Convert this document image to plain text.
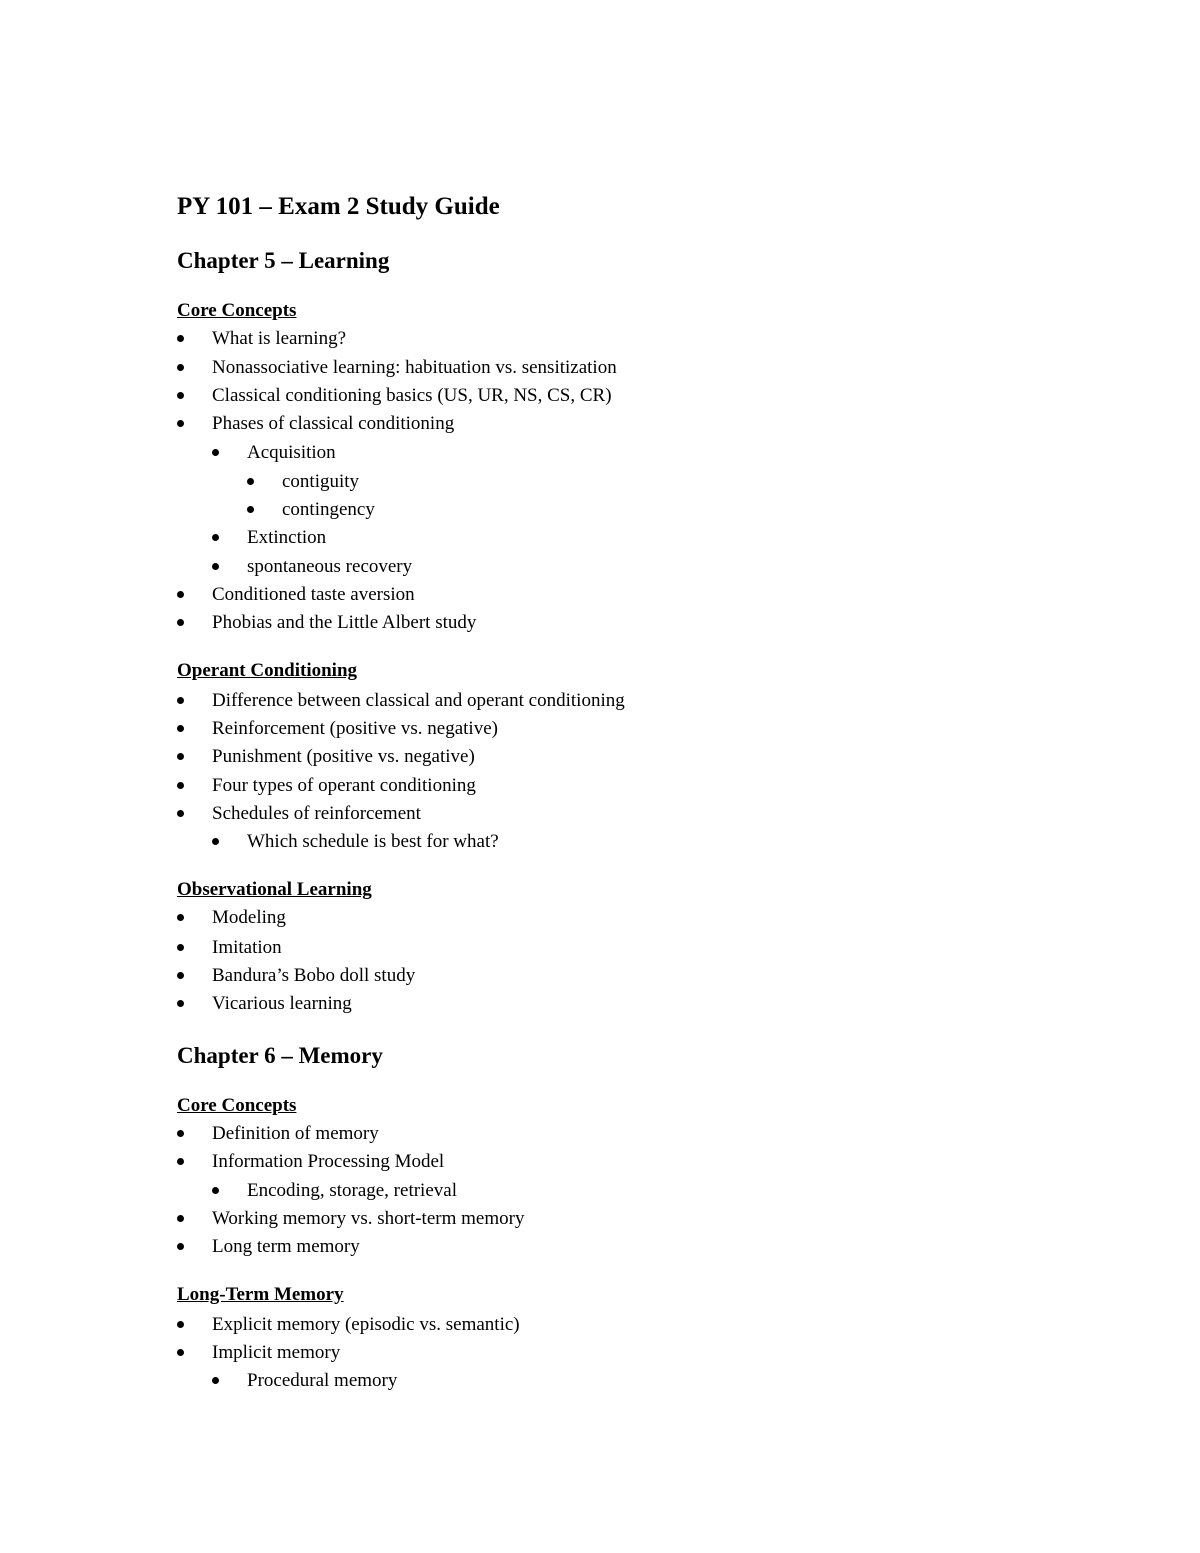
PY 101 – Exam 2 Study Guide
Chapter 5 – Learning
Core Concepts
What is learning?
Nonassociative learning: habituation vs. sensitization
Classical conditioning basics (US, UR, NS, CS, CR)
Phases of classical conditioning
Acquisition
contiguity
contingency
Extinction
spontaneous recovery
Conditioned taste aversion
Phobias and the Little Albert study
Operant Conditioning
Difference between classical and operant conditioning
Reinforcement (positive vs. negative)
Punishment (positive vs. negative)
Four types of operant conditioning
Schedules of reinforcement
Which schedule is best for what?
Observational Learning
Modeling
Imitation
Bandura’s Bobo doll study
Vicarious learning
Chapter 6 – Memory
Core Concepts
Definition of memory
Information Processing Model
Encoding, storage, retrieval
Working memory vs. short-term memory
Long term memory
Long-Term Memory
Explicit memory (episodic vs. semantic)
Implicit memory
Procedural memory
